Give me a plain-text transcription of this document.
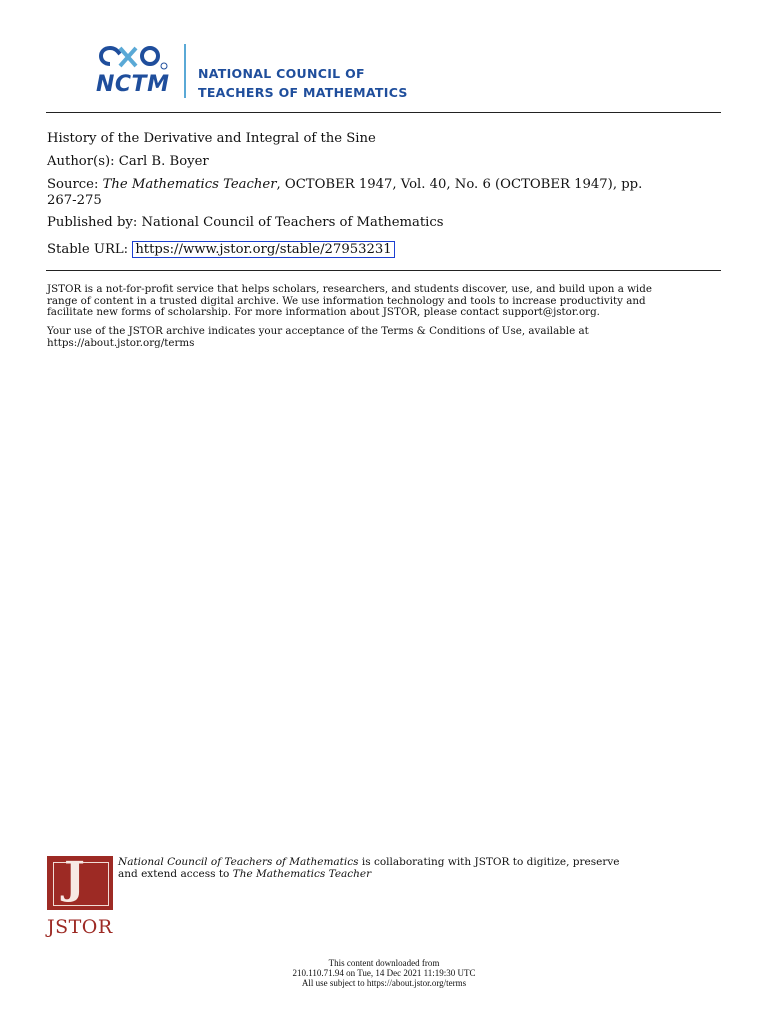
NCTM NATIONAL COUNCIL OF
TEACHERS OF MATHEMATICS
History of the Derivative and Integral of the Sine
Author(s): Carl B. Boyer
Source: The Mathematics Teacher, OCTOBER 1947, Vol. 40, No. 6 (OCTOBER 1947), pp.
267-275
Published by: National Council of Teachers of Mathematics
Stable URL: https://www.jstor.org/stable/27953231
JSTOR is a not-for-profit service that helps scholars, researchers, and students discover, use, and build upon a wide
range of content in a trusted digital archive. We use information technology and tools to increase productivity and
facilitate new forms of scholarship. For more information about JSTOR, please contact support@jstor.org.
Your use of the JSTOR archive indicates your acceptance of the Terms & Conditions of Use, available at
https://about.jstor.org/terms
J
JSTOR
National Council of Teachers of Mathematics is collaborating with JSTOR to digitize, preserve
and extend access to The Mathematics Teacher
This content downloaded from
210.110.71.94 on Tue, 14 Dec 2021 11:19:30 UTC
All use subject to https://about.jstor.org/terms
